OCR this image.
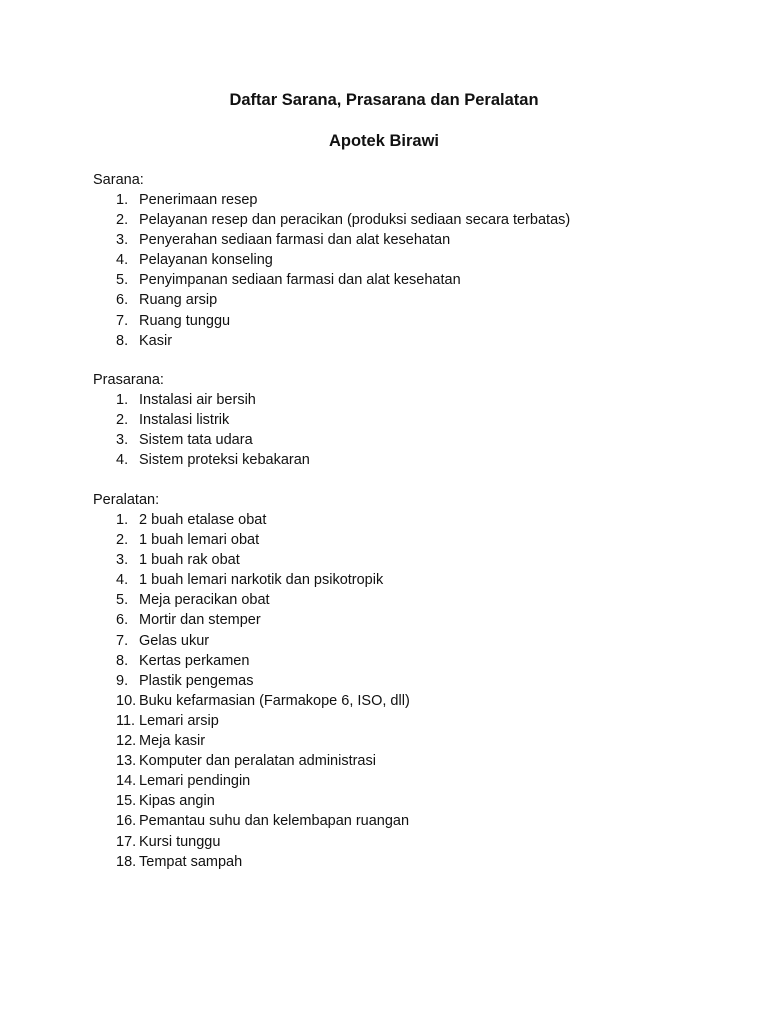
Daftar Sarana, Prasarana dan Peralatan
Apotek Birawi
Sarana:
1. Penerimaan resep
2. Pelayanan resep dan peracikan (produksi sediaan secara terbatas)
3. Penyerahan sediaan farmasi dan alat kesehatan
4. Pelayanan konseling
5. Penyimpanan sediaan farmasi dan alat kesehatan
6. Ruang arsip
7. Ruang tunggu
8. Kasir
Prasarana:
1. Instalasi air bersih
2. Instalasi listrik
3. Sistem tata udara
4. Sistem proteksi kebakaran
Peralatan:
1. 2 buah etalase obat
2. 1 buah lemari obat
3. 1 buah rak obat
4. 1 buah lemari narkotik dan psikotropik
5. Meja peracikan obat
6. Mortir dan stemper
7. Gelas ukur
8. Kertas perkamen
9. Plastik pengemas
10. Buku kefarmasian (Farmakope 6, ISO, dll)
11. Lemari arsip
12. Meja kasir
13. Komputer dan peralatan administrasi
14. Lemari pendingin
15. Kipas angin
16. Pemantau suhu dan kelembapan ruangan
17. Kursi tunggu
18. Tempat sampah
